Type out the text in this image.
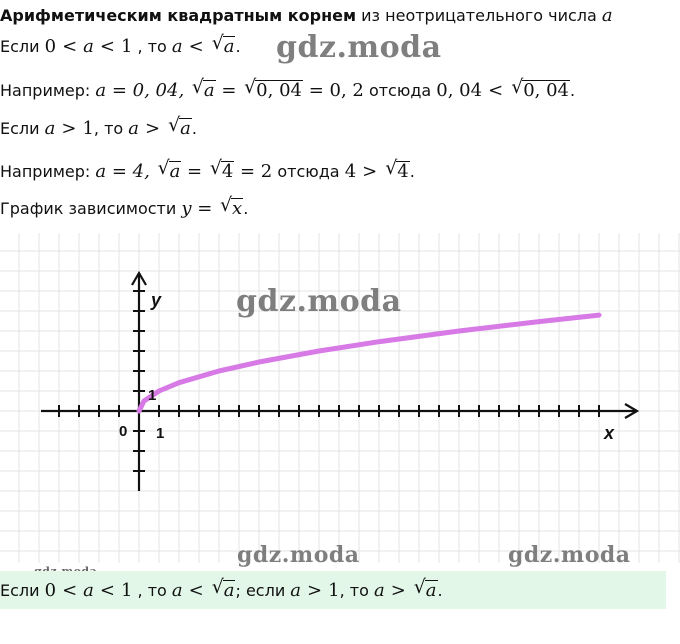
Арифметическим квадратным корнем из неотрицательного числа a
Если 0 < a < 1 , то a < √ a.
Например: a = 0, 04, √ a = √ 0, 04 = 0, 2 отсюда 0, 04 < √ 0, 04.
Если a > 1, то a > √ a.
Например: a = 4, √ a = √ 4 = 2 отсюда 4 > √ 4.
График зависимости y = √ x.
y
x
0 1
1
gdz.moda
gdz.moda
gdz.moda	gdz.moda
Если 0 < a < 1 , то a < √ a; если a > 1, то a > √ a.
